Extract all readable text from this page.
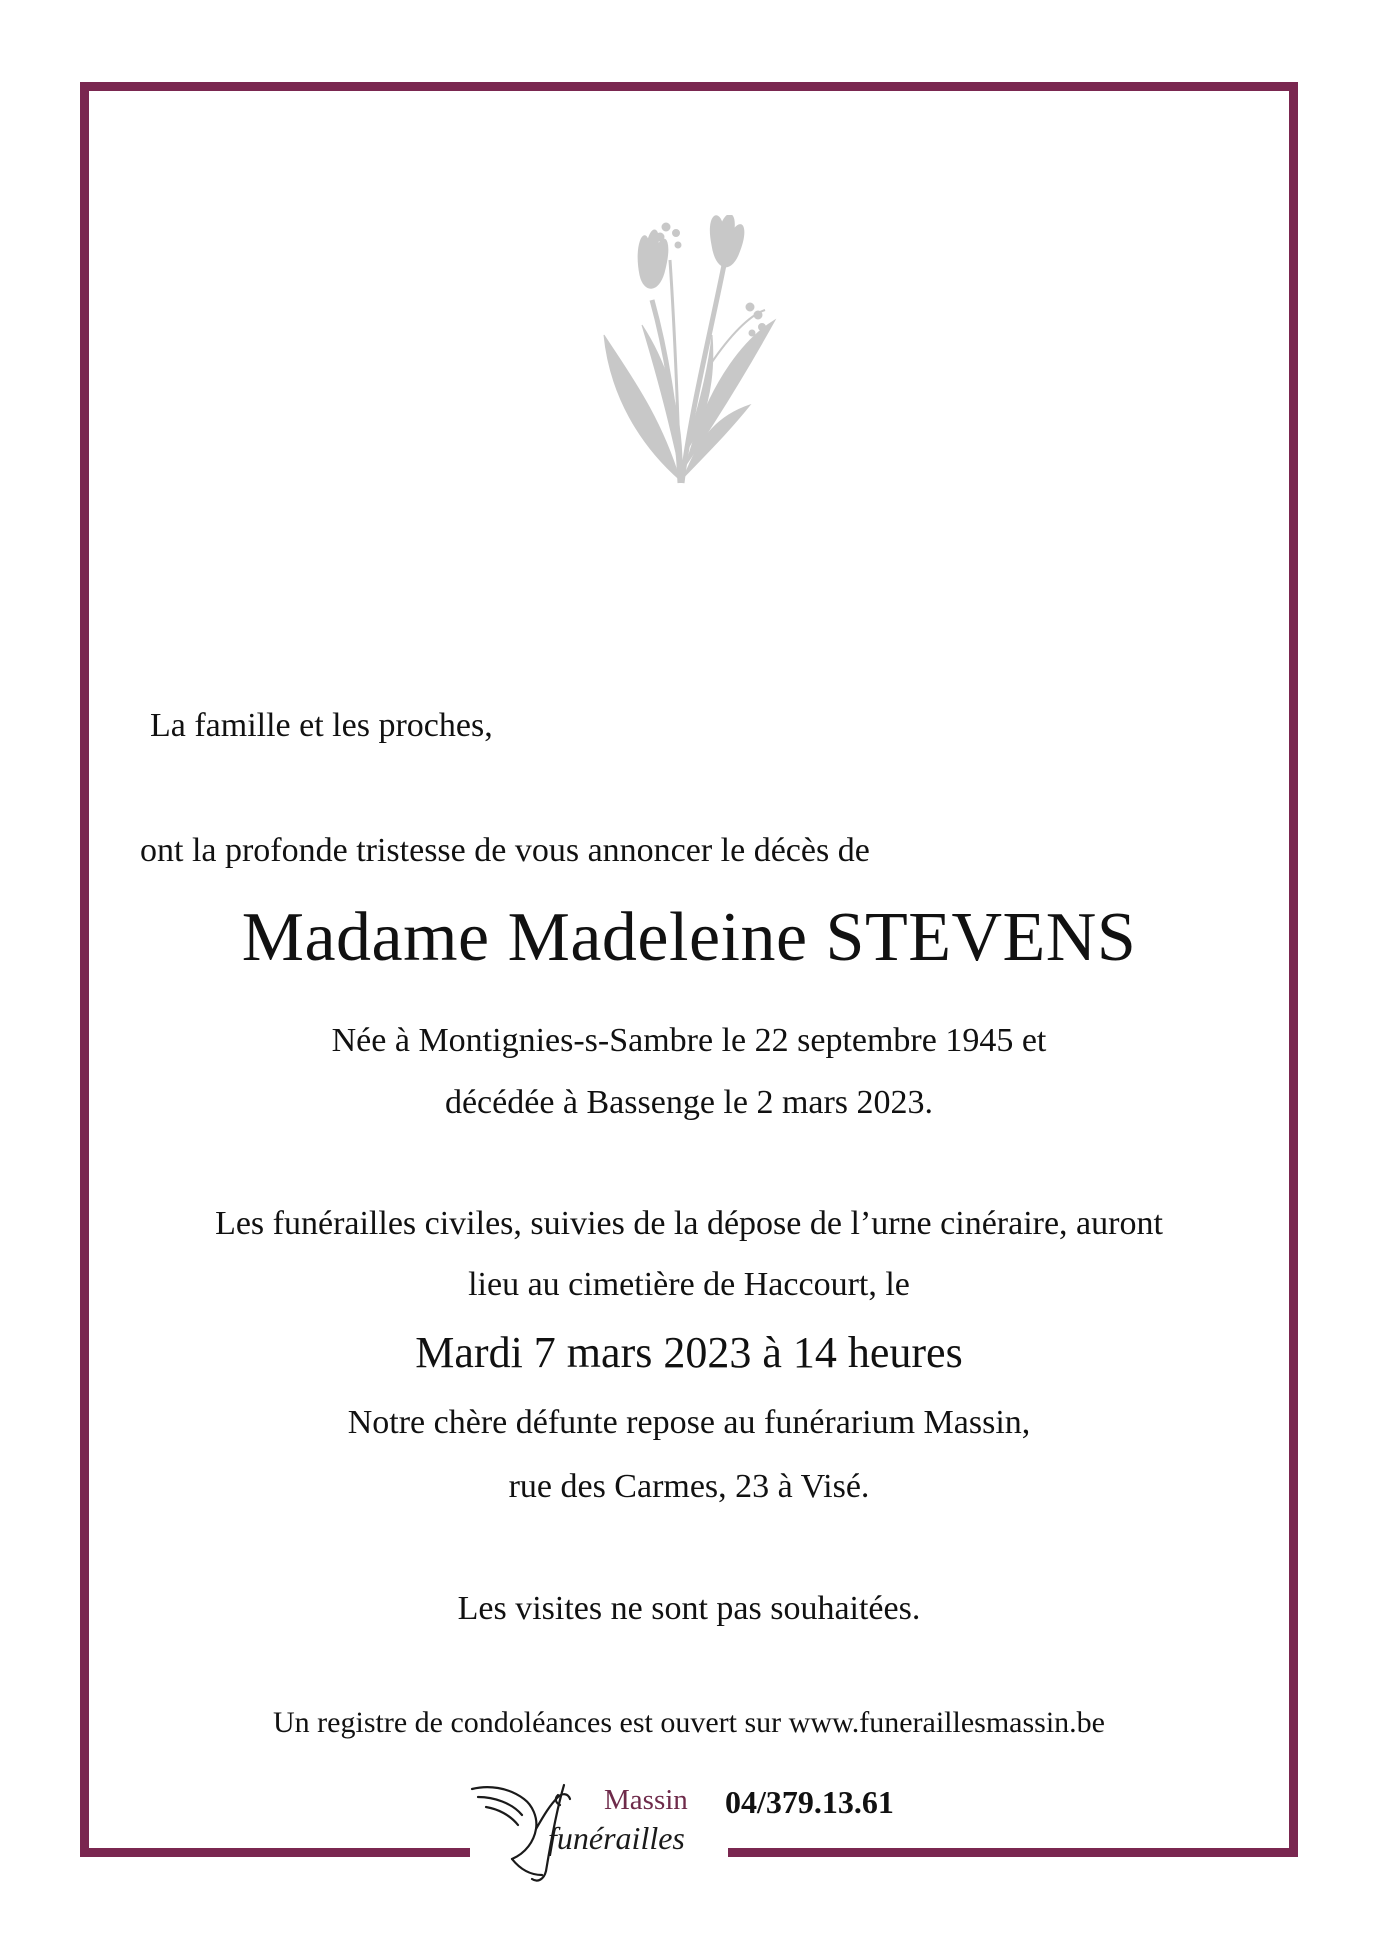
La famille et les proches,
ont la profonde tristesse de vous annoncer le décès de
Madame Madeleine STEVENS
Née à Montignies-s-Sambre le 22 septembre 1945 et
décédée à Bassenge le 2 mars 2023.
Les funérailles civiles, suivies de la dépose de l’urne cinéraire, auront
lieu au cimetière de Haccourt, le
Mardi 7 mars 2023 à 14 heures
Notre chère défunte repose au funérarium Massin,
rue des Carmes, 23 à Visé.
Les visites ne sont pas souhaitées.
Un registre de condoléances est ouvert sur www.funeraillesmassin.be
Massin
funérailles
04/379.13.61
